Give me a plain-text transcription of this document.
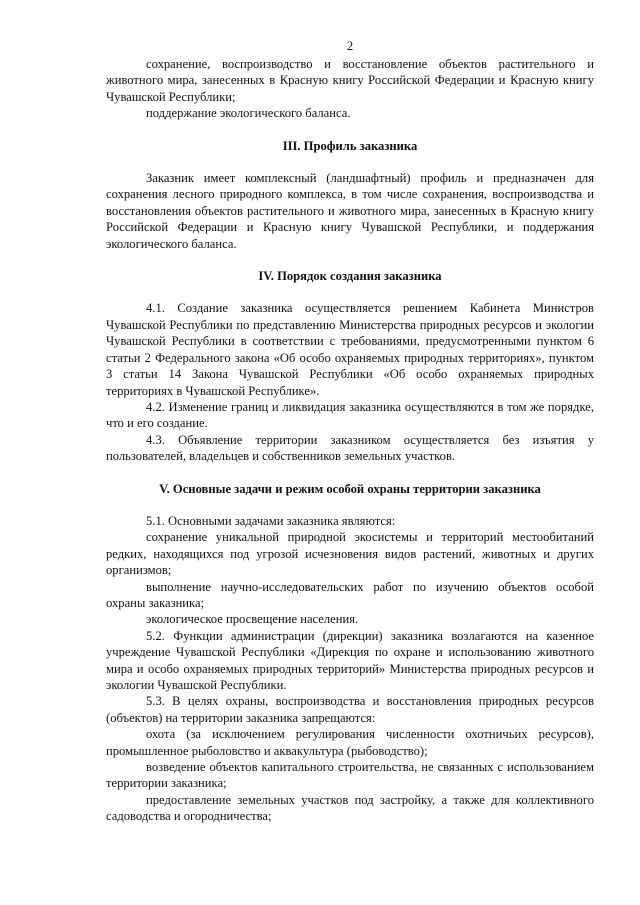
2

сохранение, воспроизводство и восстановление объектов растительного и животного мира, занесенных в Красную книгу Российской Федерации и Красную книгу Чувашской Республики;

поддержание экологического баланса.

III. Профиль заказника

Заказник имеет комплексный (ландшафтный) профиль и предназначен для сохранения лесного природного комплекса, в том числе сохранения, воспроизводства и восстановления объектов растительного и животного мира, занесенных в Красную книгу Российской Федерации и Красную книгу Чувашской Республики, и поддержания экологического баланса.

IV. Порядок создания заказника

4.1. Создание заказника осуществляется решением Кабинета Министров Чувашской Республики по представлению Министерства природных ресурсов и экологии Чувашской Республики в соответствии с требованиями, предусмотренными пунктом 6 статьи 2 Федерального закона «Об особо охраняемых природных территориях», пунктом 3 статьи 14 Закона Чувашской Республики «Об особо охраняемых природных территориях в Чувашской Республике».

4.2. Изменение границ и ликвидация заказника осуществляются в том же порядке, что и его создание.

4.3. Объявление территории заказником осуществляется без изъятия у пользователей, владельцев и собственников земельных участков.

V. Основные задачи и режим особой охраны территории заказника

5.1. Основными задачами заказника являются:

сохранение уникальной природной экосистемы и территорий местообитаний редких, находящихся под угрозой исчезновения видов растений, животных и других организмов;

выполнение научно-исследовательских работ по изучению объектов особой охраны заказника;

экологическое просвещение населения.

5.2. Функции администрации (дирекции) заказника возлагаются на казенное учреждение Чувашской Республики «Дирекция по охране и использованию животного мира и особо охраняемых природных территорий» Министерства природных ресурсов и экологии Чувашской Республики.

5.3. В целях охраны, воспроизводства и восстановления природных ресурсов (объектов) на территории заказника запрещаются:

охота (за исключением регулирования численности охотничьих ресурсов), промышленное рыболовство и аквакультура (рыбоводство);

возведение объектов капитального строительства, не связанных с использованием территории заказника;

предоставление земельных участков под застройку, а также для коллективного садоводства и огородничества;
